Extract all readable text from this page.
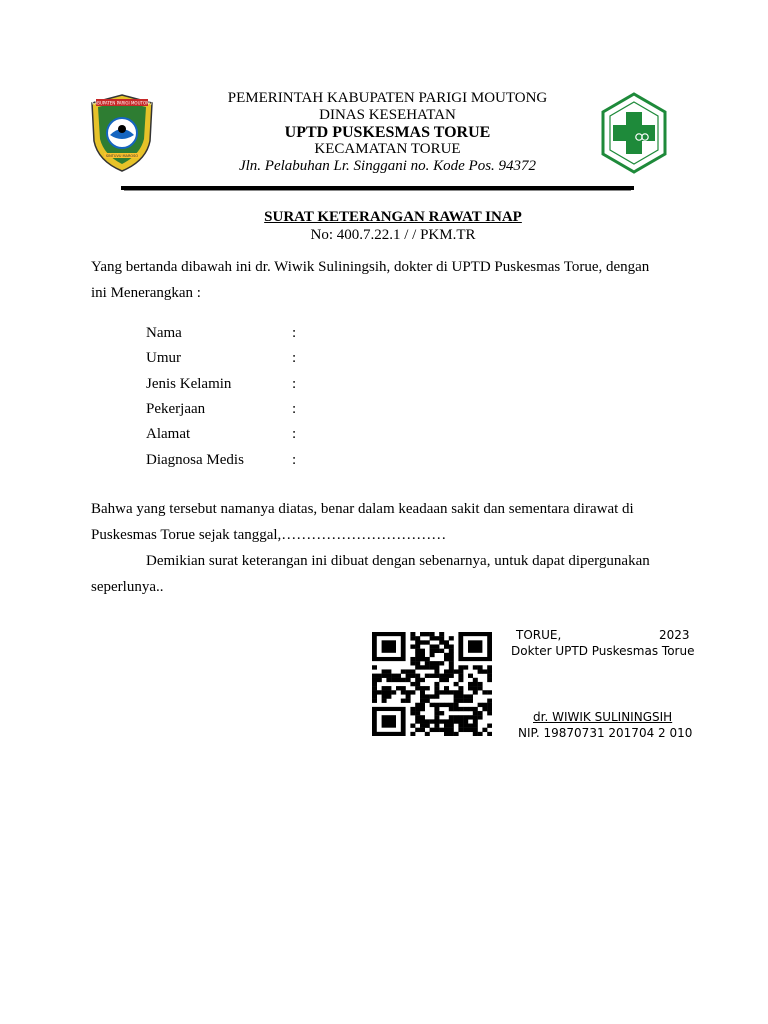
KABUPATEN PARIGI MOUTONG
SINTUVU MAROSO
PEMERINTAH KABUPATEN PARIGI MOUTONG
DINAS KESEHATAN
UPTD PUSKESMAS TORUE
KECAMATAN TORUE
Jln. Pelabuhan Lr. Singgani no. Kode Pos. 94372
SURAT KETERANGAN RAWAT INAP
No: 400.7.22.1 / / PKM.TR
Yang bertanda dibawah ini dr. Wiwik Suliningsih, dokter di UPTD Puskesmas Torue, dengan
ini Menerangkan :
Nama	:
Umur	:
Jenis Kelamin	:
Pekerjaan	:
Alamat	:
Diagnosa Medis	:
Bahwa yang tersebut namanya diatas, benar dalam keadaan sakit dan sementara dirawat di
Puskesmas Torue sejak tanggal,……………………………
Demikian surat keterangan ini dibuat dengan sebenarnya, untuk dapat dipergunakan
seperlunya..
TORUE,	2023
Dokter UPTD Puskesmas Torue
dr. WIWIK SULININGSIH
NIP. 19870731 201704 2 010
